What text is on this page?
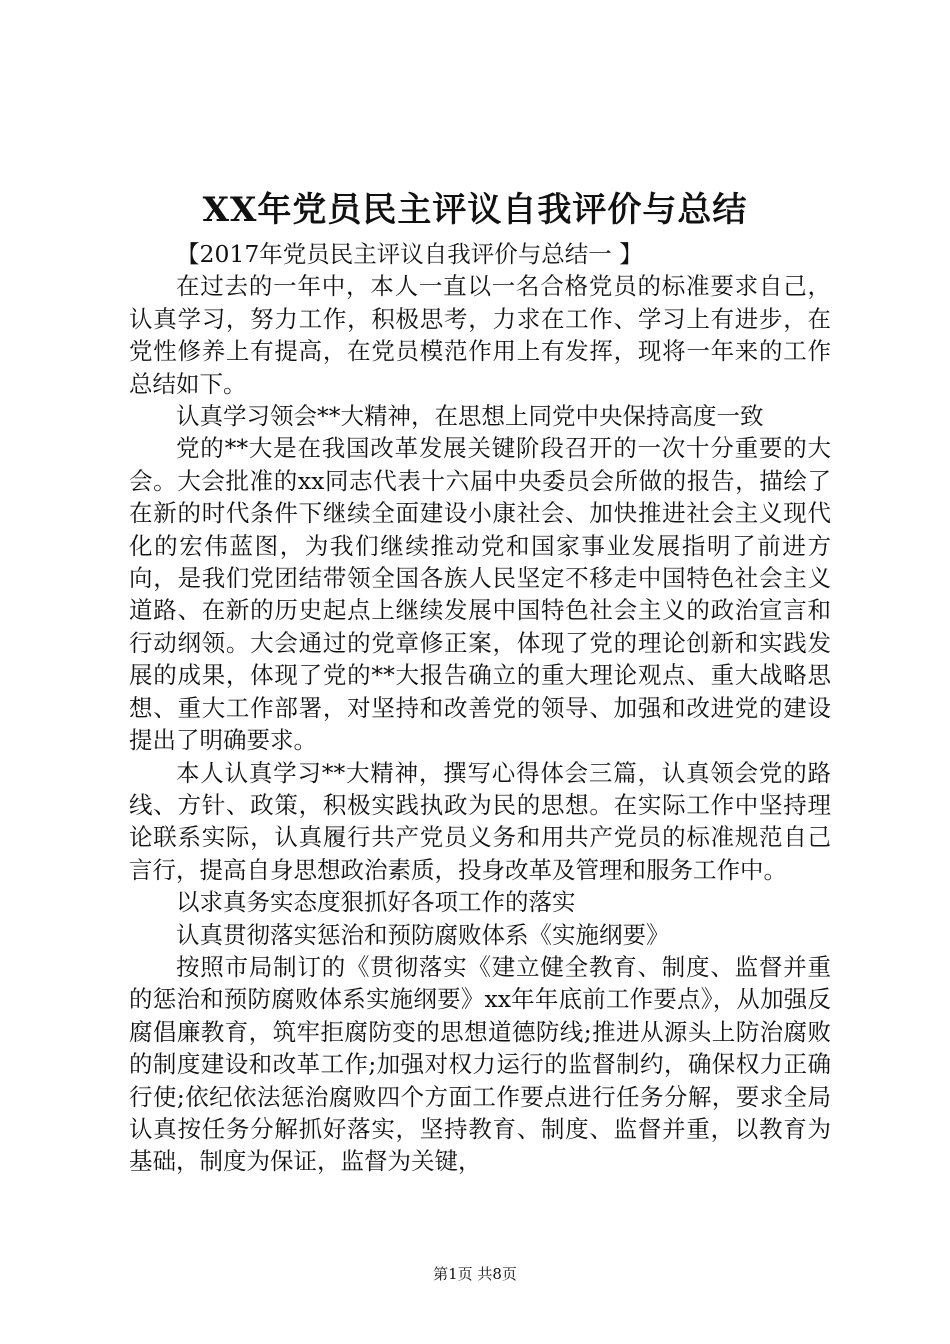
XX年党员民主评议自我评价与总结

【2017年党员民主评议自我评价与总结一 】

在过去的一年中，本人一直以一名合格党员的标准要求自己，认真学习，努力工作，积极思考，力求在工作、学习上有进步，在党性修养上有提高，在党员模范作用上有发挥，现将一年来的工作总结如下。

认真学习领会**大精神，在思想上同党中央保持高度一致

党的**大是在我国改革发展关键阶段召开的一次十分重要的大会。大会批准的xx同志代表十六届中央委员会所做的报告，描绘了在新的时代条件下继续全面建设小康社会、加快推进社会主义现代化的宏伟蓝图，为我们继续推动党和国家事业发展指明了前进方向，是我们党团结带领全国各族人民坚定不移走中国特色社会主义道路、在新的历史起点上继续发展中国特色社会主义的政治宣言和行动纲领。大会通过的党章修正案，体现了党的理论创新和实践发展的成果，体现了党的**大报告确立的重大理论观点、重大战略思想、重大工作部署，对坚持和改善党的领导、加强和改进党的建设提出了明确要求。

本人认真学习**大精神，撰写心得体会三篇，认真领会党的路线、方针、政策，积极实践执政为民的思想。在实际工作中坚持理论联系实际，认真履行共产党员义务和用共产党员的标准规范自己言行，提高自身思想政治素质，投身改革及管理和服务工作中。

以求真务实态度狠抓好各项工作的落实

认真贯彻落实惩治和预防腐败体系《实施纲要》

按照市局制订的《贯彻落实《建立健全教育、制度、监督并重的惩治和预防腐败体系实施纲要》xx年年底前工作要点》，从加强反腐倡廉教育，筑牢拒腐防变的思想道德防线;推进从源头上防治腐败的制度建设和改革工作;加强对权力运行的监督制约，确保权力正确行使;依纪依法惩治腐败四个方面工作要点进行任务分解，要求全局认真按任务分解抓好落实，坚持教育、制度、监督并重，以教育为基础，制度为保证，监督为关键，

第1页 共8页
